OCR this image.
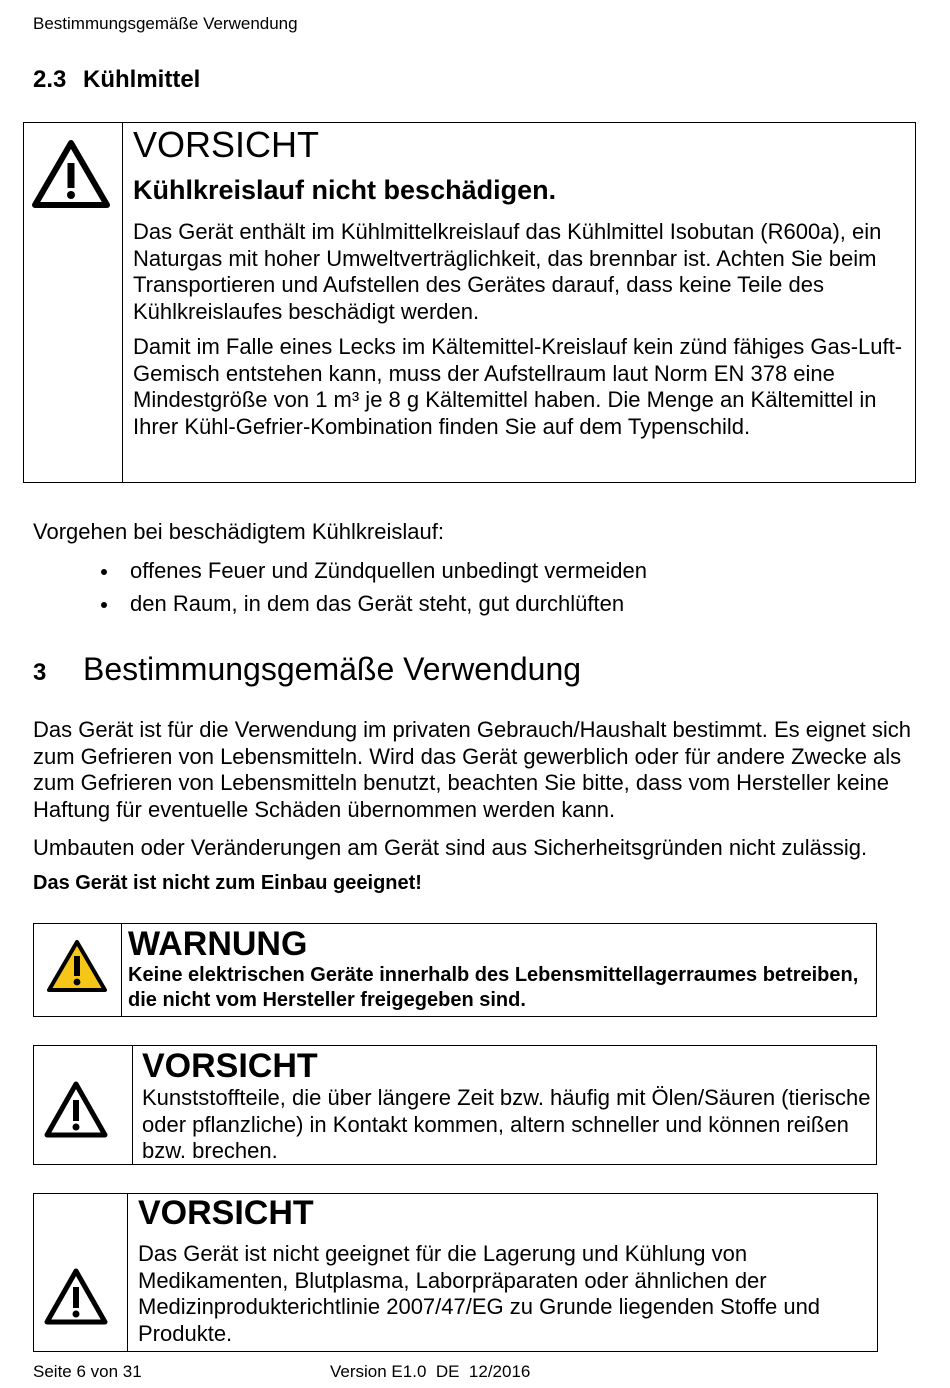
Bestimmungsgemäße Verwendung
2.3 Kühlmittel
VORSICHT
Kühlkreislauf nicht beschädigen.
Das Gerät enthält im Kühlmittelkreislauf das Kühlmittel Isobutan (R600a), ein Naturgas mit hoher Umweltverträglichkeit, das brennbar ist. Achten Sie beim Transportieren und Aufstellen des Gerätes darauf, dass keine Teile des Kühlkreislaufes beschädigt werden.
Damit im Falle eines Lecks im Kältemittel-Kreislauf kein zünd fähiges Gas-Luft-Gemisch entstehen kann, muss der Aufstellraum laut Norm EN 378 eine Mindestgröße von 1 m³ je 8 g Kältemittel haben. Die Menge an Kältemittel in Ihrer Kühl-Gefrier-Kombination finden Sie auf dem Typenschild.
Vorgehen bei beschädigtem Kühlkreislauf:
offenes Feuer und Zündquellen unbedingt vermeiden
den Raum, in dem das Gerät steht, gut durchlüften
3 Bestimmungsgemäße Verwendung
Das Gerät ist für die Verwendung im privaten Gebrauch/Haushalt bestimmt. Es eignet sich zum Gefrieren von Lebensmitteln. Wird das Gerät gewerblich oder für andere Zwecke als zum Gefrieren von Lebensmitteln benutzt, beachten Sie bitte, dass vom Hersteller keine Haftung für eventuelle Schäden übernommen werden kann.
Umbauten oder Veränderungen am Gerät sind aus Sicherheitsgründen nicht zulässig.
Das Gerät ist nicht zum Einbau geeignet!
WARNUNG
Keine elektrischen Geräte innerhalb des Lebensmittellagerraumes betreiben, die nicht vom Hersteller freigegeben sind.
VORSICHT
Kunststoffteile, die über längere Zeit bzw. häufig mit Ölen/Säuren (tierische oder pflanzliche) in Kontakt kommen, altern schneller und können reißen bzw. brechen.
VORSICHT
Das Gerät ist nicht geeignet für die Lagerung und Kühlung von Medikamenten, Blutplasma, Laborpräparaten oder ähnlichen der Medizinprodukterichtlinie 2007/47/EG zu Grunde liegenden Stoffe und Produkte.
Seite 6 von 31	Version E1.0  DE  12/2016
